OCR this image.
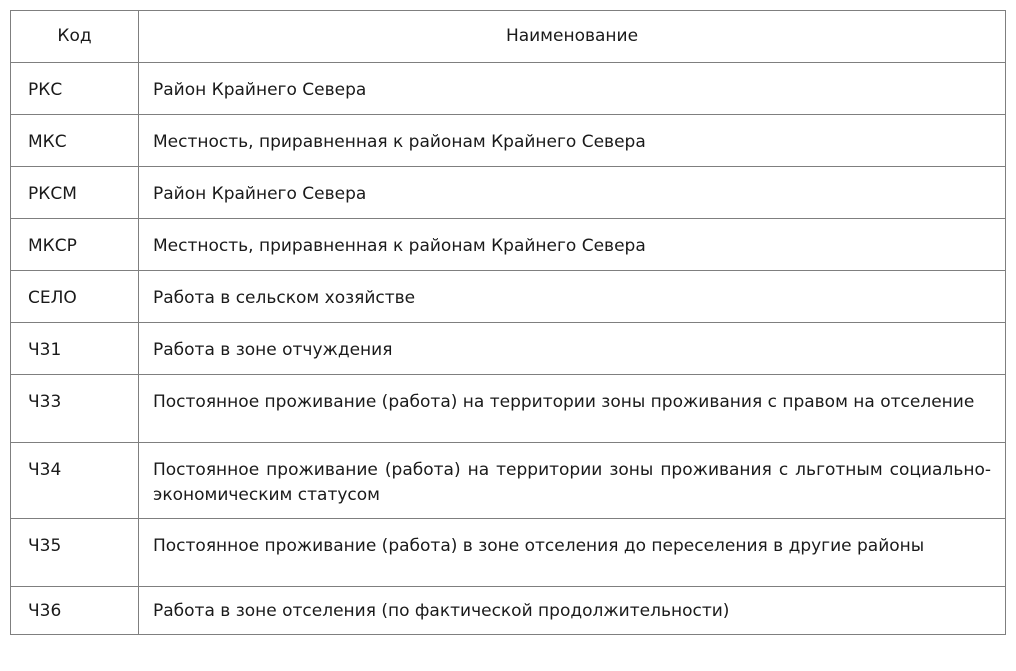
Код	Наименование
РКС	Район Крайнего Севера
МКС	Местность, приравненная к районам Крайнего Севера
РКСМ	Район Крайнего Севера
МКСР	Местность, приравненная к районам Крайнего Севера
СЕЛО	Работа в сельском хозяйстве
Ч31	Работа в зоне отчуждения
Ч33	Постоянное проживание (работа) на территории зоны проживания с правом на отселение
Ч34	Постоянное проживание (работа) на территории зоны проживания с льготным социально-экономическим статусом
Ч35	Постоянное проживание (работа) в зоне отселения до переселения в другие районы
Ч36	Работа в зоне отселения (по фактической продолжительности)
